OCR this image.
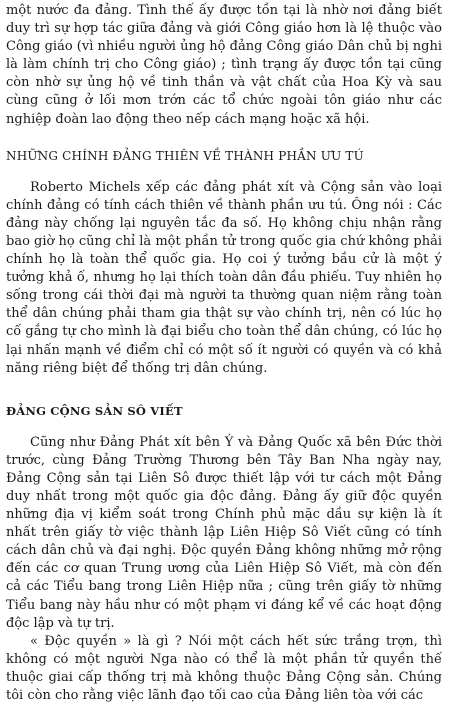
một nước đa đảng. Tình thế ấy được tồn tại là nhờ nơi đảng biết duy trì sự hợp tác giữa đảng và giới Công giáo hơn là lệ thuộc vào Công giáo (vì nhiều người ủng hộ đảng Công giáo Dân chủ bị nghi là làm chính trị cho Công giáo) ; tình trạng ấy được tồn tại cũng còn nhờ sự ủng hộ về tinh thần và vật chất của Hoa Kỳ và sau cùng cũng ở lối mơn trớn các tổ chức ngoài tôn giáo như các nghiệp đoàn lao động theo nếp cách mạng hoặc xã hội.

NHỮNG CHÍNH ĐẢNG THIÊN VỀ THÀNH PHẦN ƯU TÚ

Roberto Michels xếp các đảng phát xít và Cộng sản vào loại chính đảng có tính cách thiên về thành phần ưu tú. Ông nói : Các đảng này chống lại nguyên tắc đa số. Họ không chịu nhận rằng bao giờ họ cũng chỉ là một phần tử trong quốc gia chứ không phải chính họ là toàn thể quốc gia. Họ coi ý tưởng bầu cử là một ý tưởng khả ố, nhưng họ lại thích toàn dân đầu phiếu. Tuy nhiên họ sống trong cái thời đại mà người ta thường quan niệm rằng toàn thể dân chúng phải tham gia thật sự vào chính trị, nên có lúc họ cố gắng tự cho mình là đại biểu cho toàn thể dân chúng, có lúc họ lại nhấn mạnh về điểm chỉ có một số ít người có quyền và có khả năng riêng biệt để thống trị dân chúng.

ĐẢNG CỘNG SẢN SÔ VIẾT

Cũng như Đảng Phát xít bên Ý và Đảng Quốc xã bên Đức thời trước, cùng Đảng Trường Thương bên Tây Ban Nha ngày nay, Đảng Cộng sản tại Liên Sô được thiết lập với tư cách một Đảng duy nhất trong một quốc gia độc đảng. Đảng ấy giữ độc quyền những địa vị kiểm soát trong Chính phủ mặc dầu sự kiện là ít nhất trên giấy tờ việc thành lập Liên Hiệp Sô Viết cũng có tính cách dân chủ và đại nghị. Độc quyền Đảng không những mở rộng đến các cơ quan Trung ương của Liên Hiệp Sô Viết, mà còn đến cả các Tiểu bang trong Liên Hiệp nữa ; cũng trên giấy tờ những Tiểu bang này hầu như có một phạm vi đáng kể về các hoạt động độc lập và tự trị.

« Độc quyền » là gì ? Nói một cách hết sức trắng trợn, thì không có một người Nga nào có thể là một phần tử quyền thế thuộc giai cấp thống trị mà không thuộc Đảng Cộng sản. Chúng tôi còn cho rằng việc lãnh đạo tối cao của Đảng liên tòa với các
